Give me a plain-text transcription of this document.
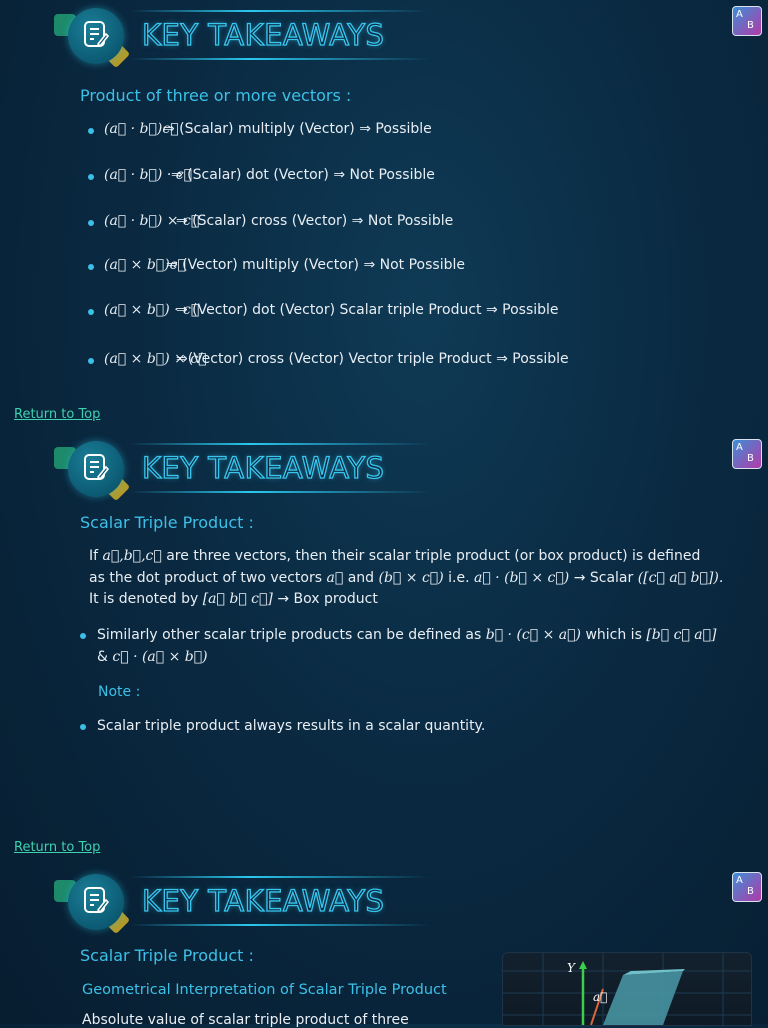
KEY TAKEAWAYS
A
B
Product of three or more vectors :
(a⃗ · b⃗)c⃗
⇒ (Scalar) multiply (Vector) ⇒ Possible
(a⃗ · b⃗) · c⃗
⇒ (Scalar) dot (Vector) ⇒ Not Possible
(a⃗ · b⃗) × c⃗
⇒ (Scalar) cross (Vector) ⇒ Not Possible
(a⃗ × b⃗)c⃗
⇒ (Vector) multiply (Vector) ⇒ Not Possible
(a⃗ × b⃗) · c⃗
⇒ (Vector) dot (Vector) Scalar triple Product ⇒ Possible
(a⃗ × b⃗) × c⃗
⇒(Vector) cross (Vector) Vector triple Product ⇒ Possible
Return to Top
KEY TAKEAWAYS
A
B
Scalar Triple Product :
If a⃗,b⃗,c⃗ are three vectors, then their scalar triple product (or box product) is defined
as the dot product of two vectors a⃗ and (b⃗ × c⃗) i.e. a⃗ · (b⃗ × c⃗) → Scalar ([c⃗ a⃗ b⃗]).
It is denoted by [a⃗ b⃗ c⃗] → Box product
Similarly other scalar triple products can be defined as b⃗ · (c⃗ × a⃗) which is [b⃗ c⃗ a⃗]
& c⃗ · (a⃗ × b⃗)
Note :
Scalar triple product always results in a scalar quantity.
Return to Top
KEY TAKEAWAYS
A
B
Scalar Triple Product :
Geometrical Interpretation of Scalar Triple Product
Absolute value of scalar triple product of three
Y
a⃗
